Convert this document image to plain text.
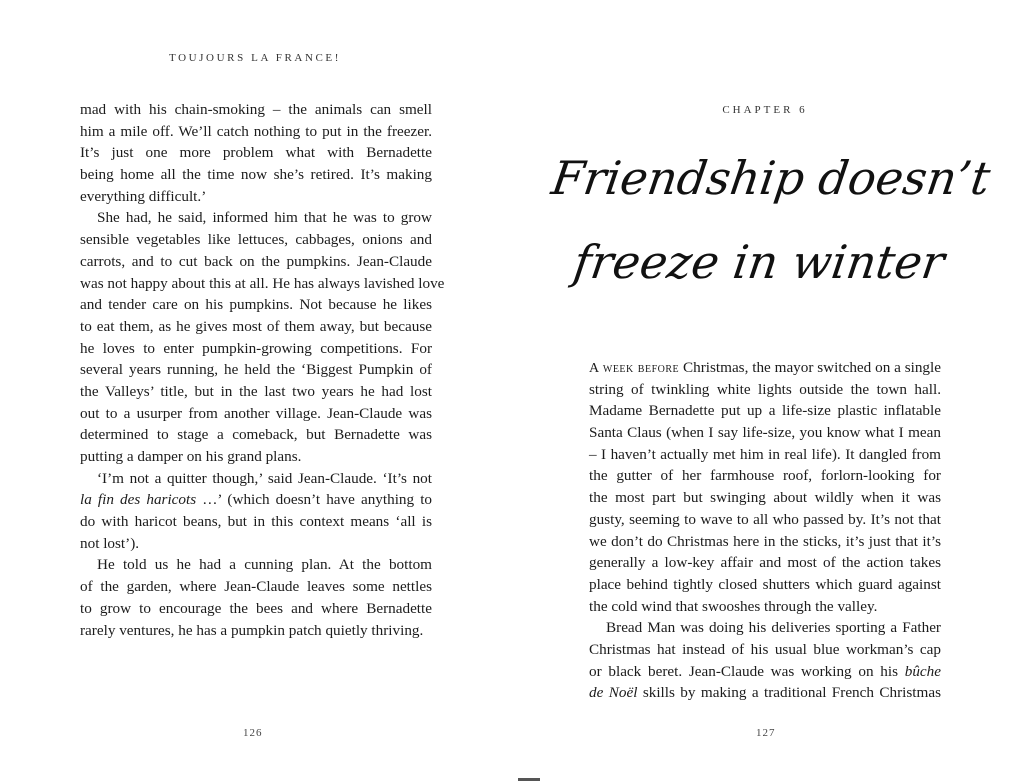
TOUJOURS LA FRANCE!
mad with his chain-smoking – the animals can smell
him a mile off. We’ll catch nothing to put in the freezer.
It’s just one more problem what with Bernadette
being home all the time now she’s retired. It’s making
everything difficult.’
She had, he said, informed him that he was to grow
sensible vegetables like lettuces, cabbages, onions and
carrots, and to cut back on the pumpkins. Jean-Claude
was not happy about this at all. He has always lavished love
and tender care on his pumpkins. Not because he likes
to eat them, as he gives most of them away, but because
he loves to enter pumpkin-growing competitions. For
several years running, he held the ‘Biggest Pumpkin of
the Valleys’ title, but in the last two years he had lost
out to a usurper from another village. Jean-Claude was
determined to stage a comeback, but Bernadette was
putting a damper on his grand plans.
‘I’m not a quitter though,’ said Jean-Claude. ‘It’s not
la fin des haricots …’ (which doesn’t have anything to
do with haricot beans, but in this context means ‘all is
not lost’).
He told us he had a cunning plan. At the bottom
of the garden, where Jean-Claude leaves some nettles
to grow to encourage the bees and where Bernadette
rarely ventures, he has a pumpkin patch quietly thriving.
126
CHAPTER 6
Friendship doesn’t
freeze in winter
A week before Christmas, the mayor switched on a single
string of twinkling white lights outside the town hall.
Madame Bernadette put up a life-size plastic inflatable
Santa Claus (when I say life-size, you know what I mean
– I haven’t actually met him in real life). It dangled from
the gutter of her farmhouse roof, forlorn-looking for
the most part but swinging about wildly when it was
gusty, seeming to wave to all who passed by. It’s not that
we don’t do Christmas here in the sticks, it’s just that it’s
generally a low-key affair and most of the action takes
place behind tightly closed shutters which guard against
the cold wind that swooshes through the valley.
Bread Man was doing his deliveries sporting a Father
Christmas hat instead of his usual blue workman’s cap
or black beret. Jean-Claude was working on his bûche
de Noël skills by making a traditional French Christmas
127
